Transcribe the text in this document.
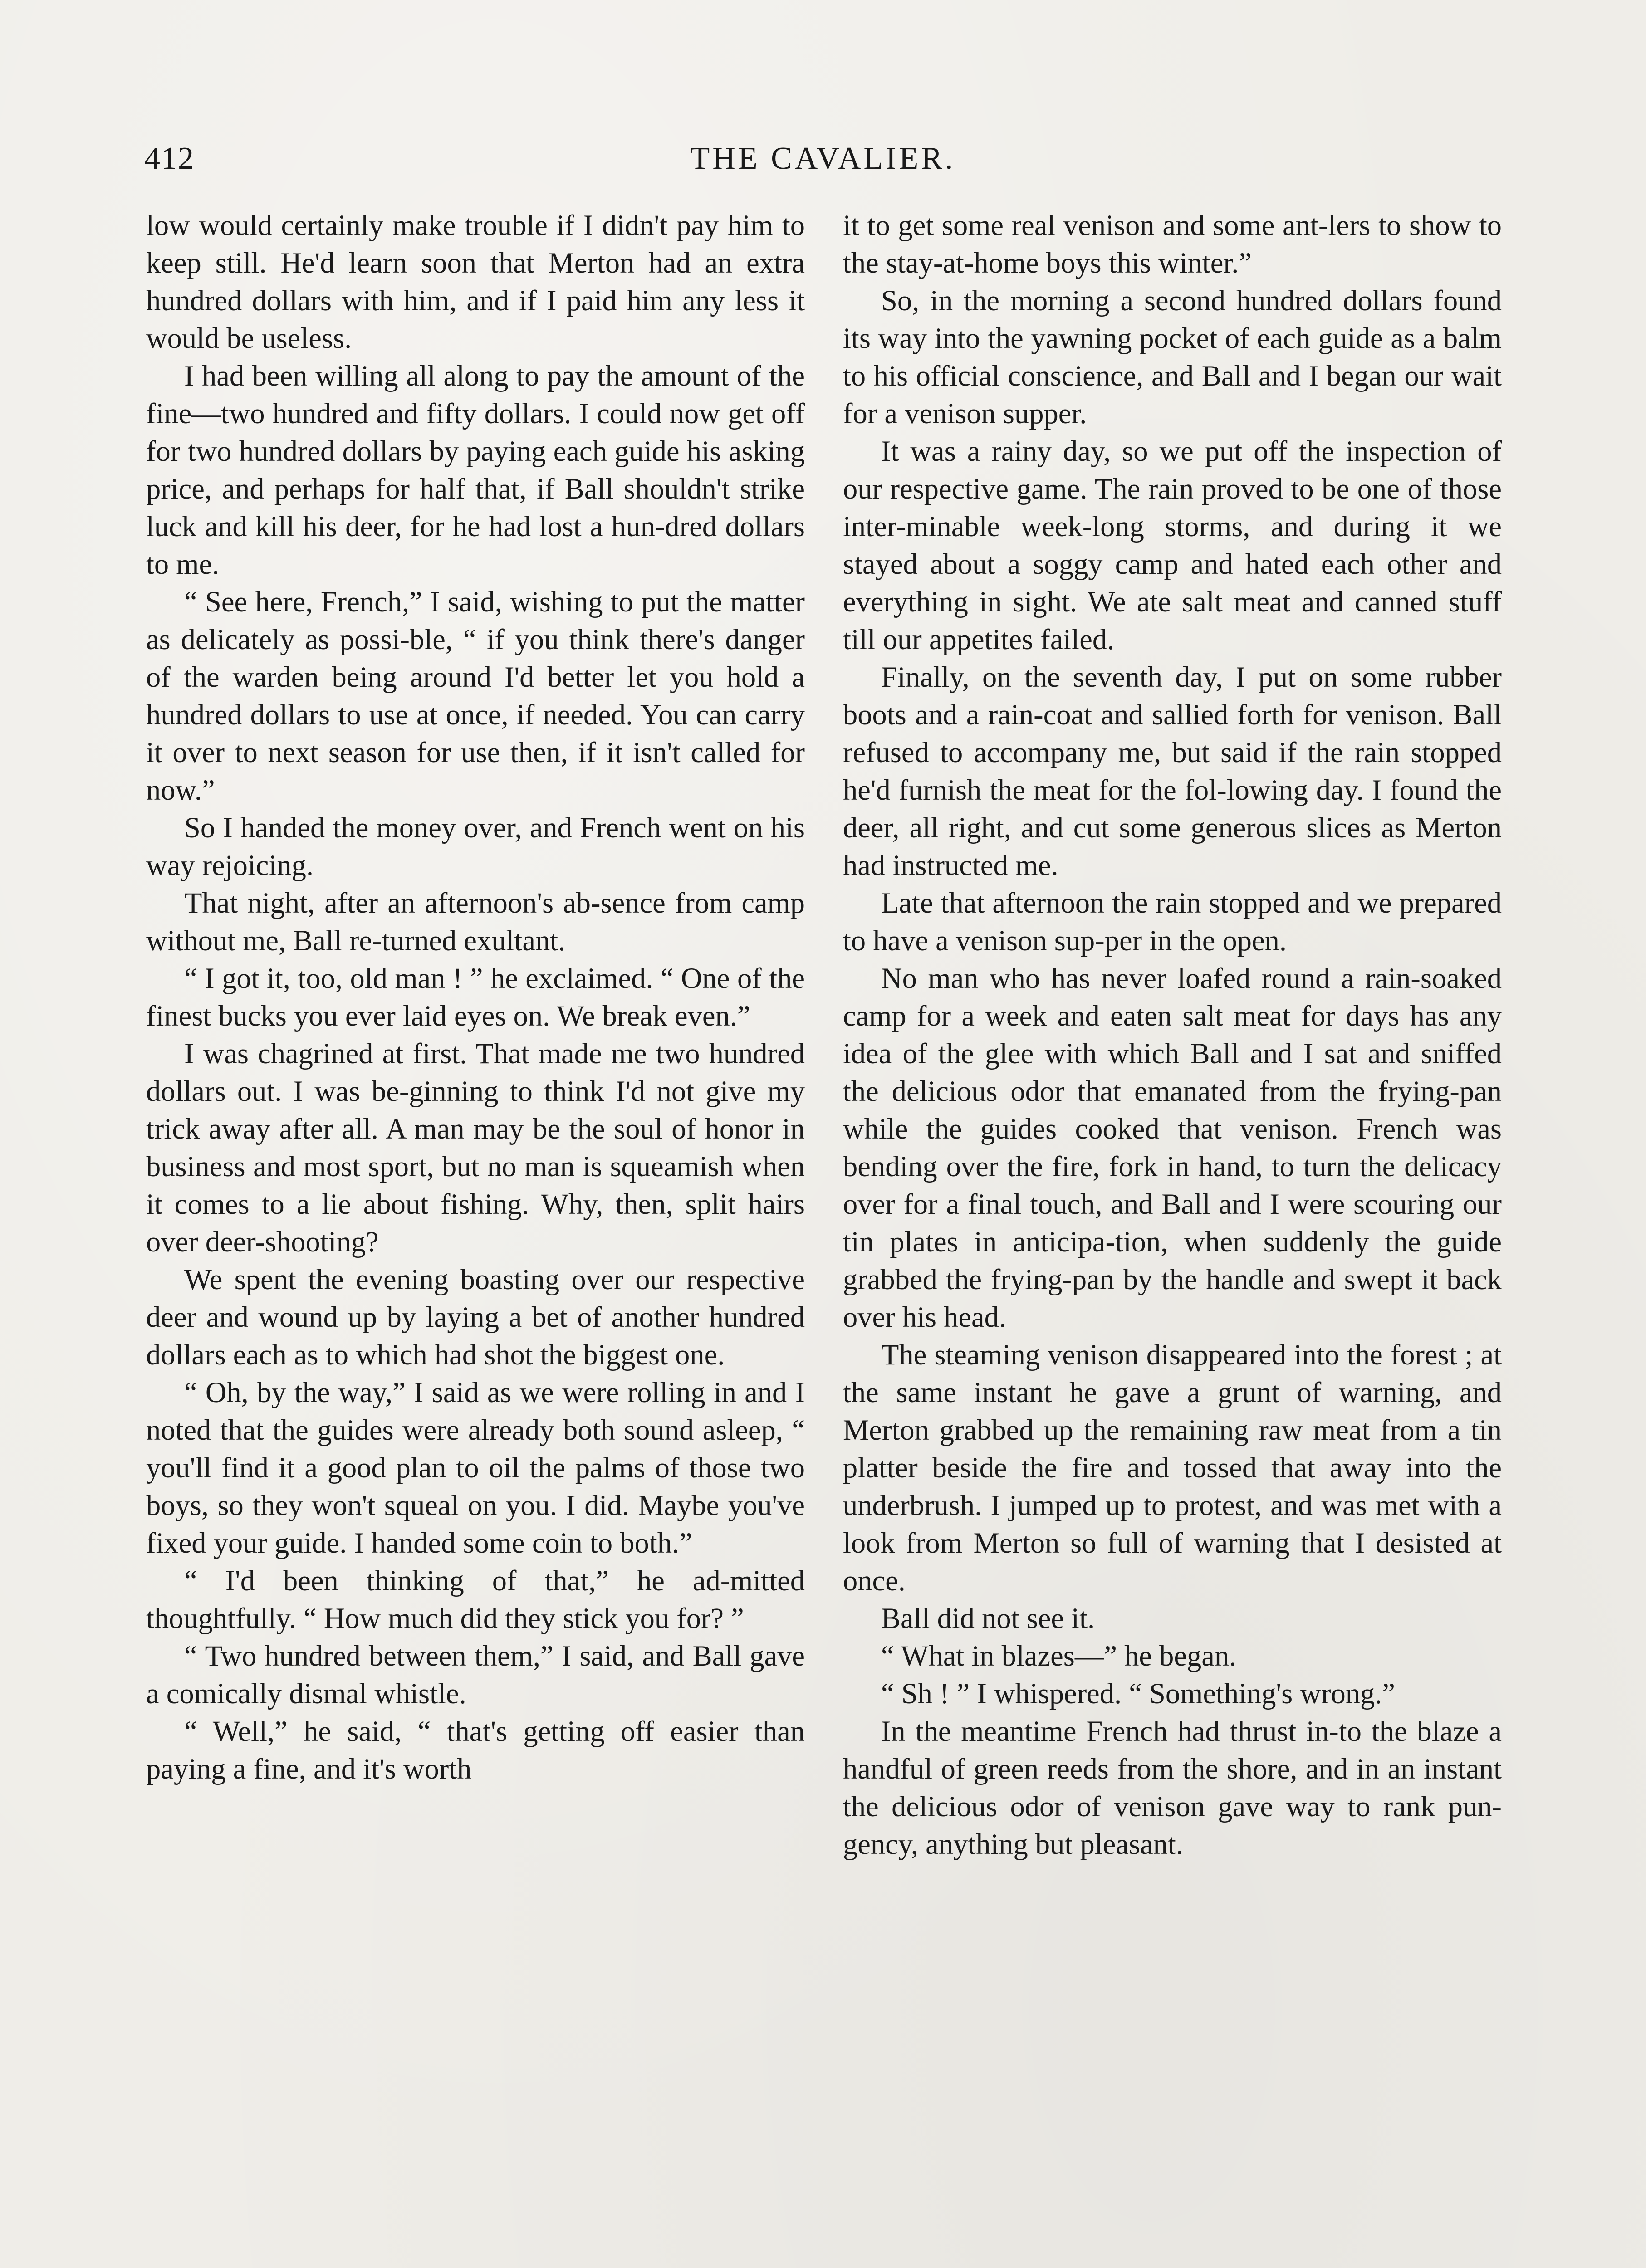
412	THE CAVALIER.

low would certainly make trouble if I didn't pay him to keep still. He'd learn soon that Merton had an extra hundred dollars with him, and if I paid him any less it would be useless.

I had been willing all along to pay the amount of the fine—two hundred and fifty dollars. I could now get off for two hundred dollars by paying each guide his asking price, and perhaps for half that, if Ball shouldn't strike luck and kill his deer, for he had lost a hun-dred dollars to me.

“ See here, French,” I said, wishing to put the matter as delicately as possi-ble, “ if you think there's danger of the warden being around I'd better let you hold a hundred dollars to use at once, if needed. You can carry it over to next season for use then, if it isn't called for now.”

So I handed the money over, and French went on his way rejoicing.

That night, after an afternoon's ab-sence from camp without me, Ball re-turned exultant.

“ I got it, too, old man ! ” he exclaimed. “ One of the finest bucks you ever laid eyes on. We break even.”

I was chagrined at first. That made me two hundred dollars out. I was be-ginning to think I'd not give my trick away after all. A man may be the soul of honor in business and most sport, but no man is squeamish when it comes to a lie about fishing. Why, then, split hairs over deer-shooting?

We spent the evening boasting over our respective deer and wound up by laying a bet of another hundred dollars each as to which had shot the biggest one.

“ Oh, by the way,” I said as we were rolling in and I noted that the guides were already both sound asleep, “ you'll find it a good plan to oil the palms of those two boys, so they won't squeal on you. I did. Maybe you've fixed your guide. I handed some coin to both.”

“ I'd been thinking of that,” he ad-mitted thoughtfully. “ How much did they stick you for? ”

“ Two hundred between them,” I said, and Ball gave a comically dismal whistle.

“ Well,” he said, “ that's getting off easier than paying a fine, and it's worth

it to get some real venison and some ant-lers to show to the stay-at-home boys this winter.”

So, in the morning a second hundred dollars found its way into the yawning pocket of each guide as a balm to his official conscience, and Ball and I began our wait for a venison supper.

It was a rainy day, so we put off the inspection of our respective game. The rain proved to be one of those inter-minable week-long storms, and during it we stayed about a soggy camp and hated each other and everything in sight. We ate salt meat and canned stuff till our appetites failed.

Finally, on the seventh day, I put on some rubber boots and a rain-coat and sallied forth for venison. Ball refused to accompany me, but said if the rain stopped he'd furnish the meat for the fol-lowing day. I found the deer, all right, and cut some generous slices as Merton had instructed me.

Late that afternoon the rain stopped and we prepared to have a venison sup-per in the open.

No man who has never loafed round a rain-soaked camp for a week and eaten salt meat for days has any idea of the glee with which Ball and I sat and sniffed the delicious odor that emanated from the frying-pan while the guides cooked that venison. French was bending over the fire, fork in hand, to turn the delicacy over for a final touch, and Ball and I were scouring our tin plates in anticipa-tion, when suddenly the guide grabbed the frying-pan by the handle and swept it back over his head.

The steaming venison disappeared into the forest ; at the same instant he gave a grunt of warning, and Merton grabbed up the remaining raw meat from a tin platter beside the fire and tossed that away into the underbrush. I jumped up to protest, and was met with a look from Merton so full of warning that I desisted at once.

Ball did not see it.

“ What in blazes—” he began.

“ Sh ! ” I whispered. “ Something's wrong.”

In the meantime French had thrust in-to the blaze a handful of green reeds from the shore, and in an instant the delicious odor of venison gave way to rank pun-gency, anything but pleasant.
